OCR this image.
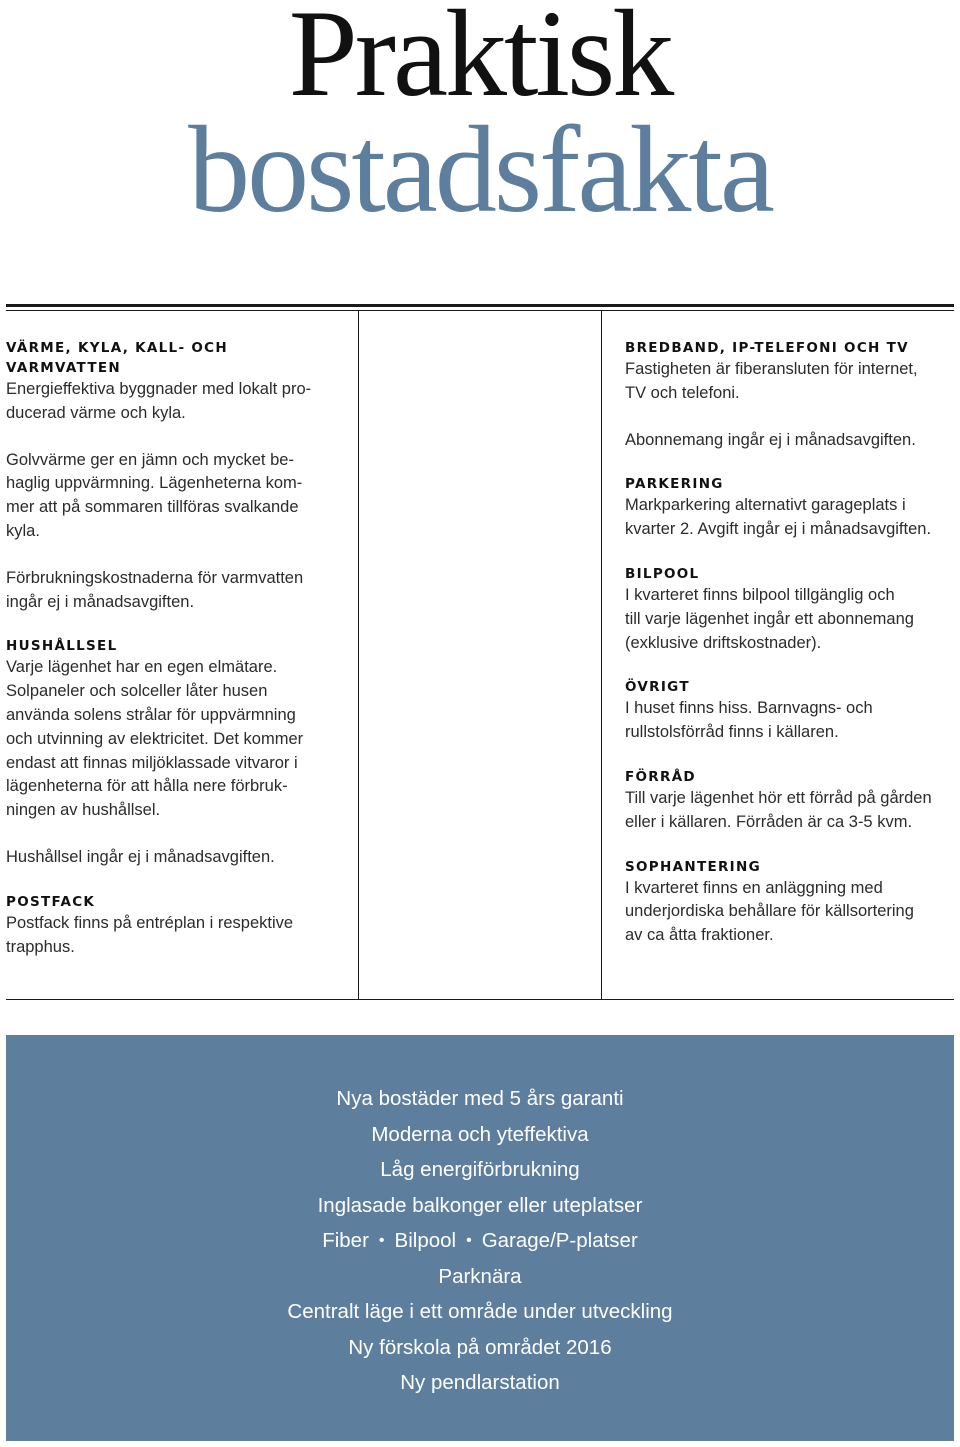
Praktisk
bostadsfakta
VÄRME, KYLA, KALL- OCH VARMVATTEN

Energieffektiva byggnader med lokalt pro-
ducerad värme och kyla.

Golvvärme ger en jämn och mycket be-
haglig uppvärmning. Lägenheterna kom-
mer att på sommaren tillföras svalkande
kyla.

Förbrukningskostnaderna för varmvatten
ingår ej i månadsavgiften.

HUSHÅLLSEL

Varje lägenhet har en egen elmätare.
Solpaneler och solceller låter husen
använda solens strålar för uppvärmning
och utvinning av elektricitet. Det kommer
endast att finnas miljöklassade vitvaror i
lägenheterna för att hålla nere förbruk-
ningen av hushållsel.

Hushållsel ingår ej i månadsavgiften.

POSTFACK

Postfack finns på entréplan i respektive
trapphus.

BREDBAND, IP-TELEFONI OCH TV

Fastigheten är fiberansluten för internet,
TV och telefoni.

Abonnemang ingår ej i månadsavgiften.

PARKERING

Markparkering alternativt garageplats i
kvarter 2. Avgift ingår ej i månadsavgiften.

BILPOOL

I kvarteret finns bilpool tillgänglig och
till varje lägenhet ingår ett abonnemang
(exklusive driftskostnader).

ÖVRIGT

I huset finns hiss. Barnvagns- och
rullstolsförråd finns i källaren.

FÖRRÅD

Till varje lägenhet hör ett förråd på gården
eller i källaren. Förråden är ca 3-5 kvm.

SOPHANTERING

I kvarteret finns en anläggning med
underjordiska behållare för källsortering
av ca åtta fraktioner.

Nya bostäder med 5 års garanti
Moderna och yteffektiva
Låg energiförbrukning
Inglasade balkonger eller uteplatser
Fiber • Bilpool • Garage/P-platser
Parknära
Centralt läge i ett område under utveckling
Ny förskola på området 2016
Ny pendlarstation
